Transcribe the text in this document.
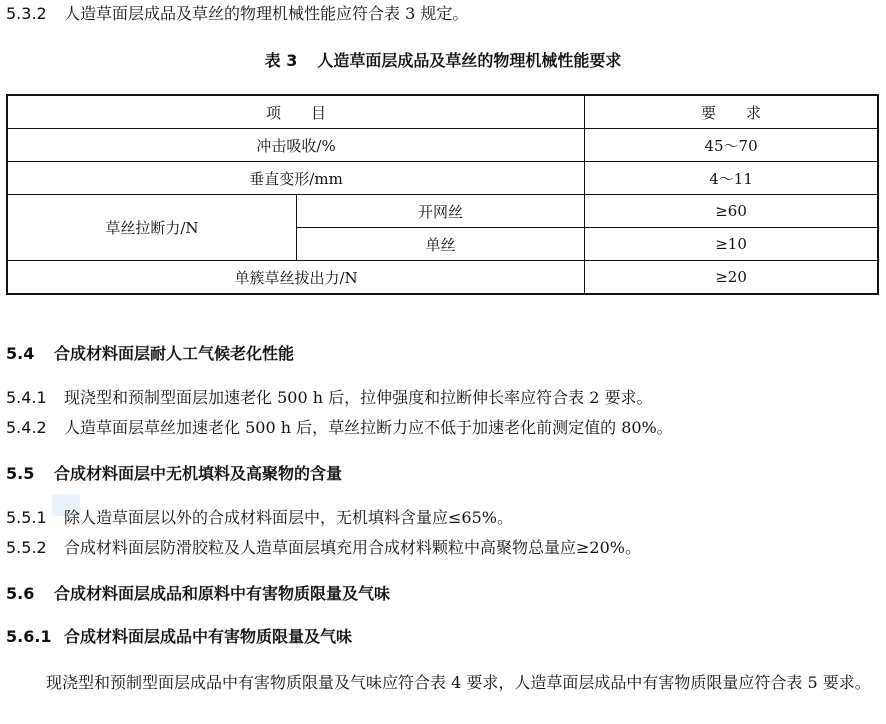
5.3.2 人造草面层成品及草丝的物理机械性能应符合表 3 规定。
表 3 人造草面层成品及草丝的物理机械性能要求
项　　目		要　　求
冲击吸收/%		45～70
垂直变形/mm		4～11
草丝拉断力/N	开网丝	≥60
	单丝	≥10
单簇草丝拔出力/N		≥20
5.4 合成材料面层耐人工气候老化性能
5.4.1 现浇型和预制型面层加速老化 500 h 后，拉伸强度和拉断伸长率应符合表 2 要求。
5.4.2 人造草面层草丝加速老化 500 h 后，草丝拉断力应不低于加速老化前测定值的 80%。
5.5 合成材料面层中无机填料及高聚物的含量
5.5.1 除人造草面层以外的合成材料面层中，无机填料含量应≤65%。
5.5.2 合成材料面层防滑胶粒及人造草面层填充用合成材料颗粒中高聚物总量应≥20%。
5.6 合成材料面层成品和原料中有害物质限量及气味
5.6.1 合成材料面层成品中有害物质限量及气味

现浇型和预制型面层成品中有害物质限量及气味应符合表 4 要求，人造草面层成品中有害物质限量应符合表 5 要求。
